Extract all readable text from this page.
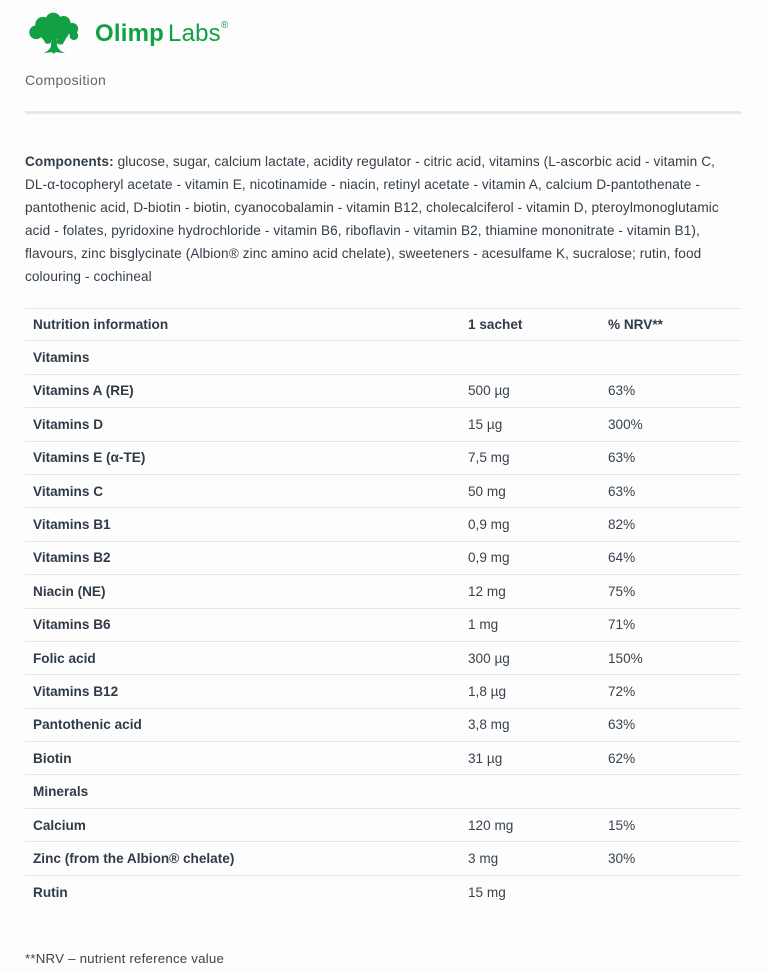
Olimp Labs®
Composition

Components: glucose, sugar, calcium lactate, acidity regulator - citric acid, vitamins (L-ascorbic acid - vitamin C, DL-α-tocopheryl acetate - vitamin E, nicotinamide - niacin, retinyl acetate - vitamin A, calcium D-pantothenate - pantothenic acid, D-biotin - biotin, cyanocobalamin - vitamin B12, cholecalciferol - vitamin D, pteroylmonoglutamic acid - folates, pyridoxine hydrochloride - vitamin B6, riboflavin - vitamin B2, thiamine mononitrate - vitamin B1), flavours, zinc bisglycinate (Albion® zinc amino acid chelate), sweeteners - acesulfame K, sucralose; rutin, food colouring - cochineal

Nutrition information	1 sachet	% NRV**
Vitamins
Vitamins A (RE)	500 µg	63%
Vitamins D	15 µg	300%
Vitamins E (α-TE)	7,5 mg	63%
Vitamins C	50 mg	63%
Vitamins B1	0,9 mg	82%
Vitamins B2	0,9 mg	64%
Niacin (NE)	12 mg	75%
Vitamins B6	1 mg	71%
Folic acid	300 µg	150%
Vitamins B12	1,8 µg	72%
Pantothenic acid	3,8 mg	63%
Biotin	31 µg	62%
Minerals
Calcium	120 mg	15%
Zinc (from the Albion® chelate)	3 mg	30%
Rutin	15 mg

**NRV – nutrient reference value
